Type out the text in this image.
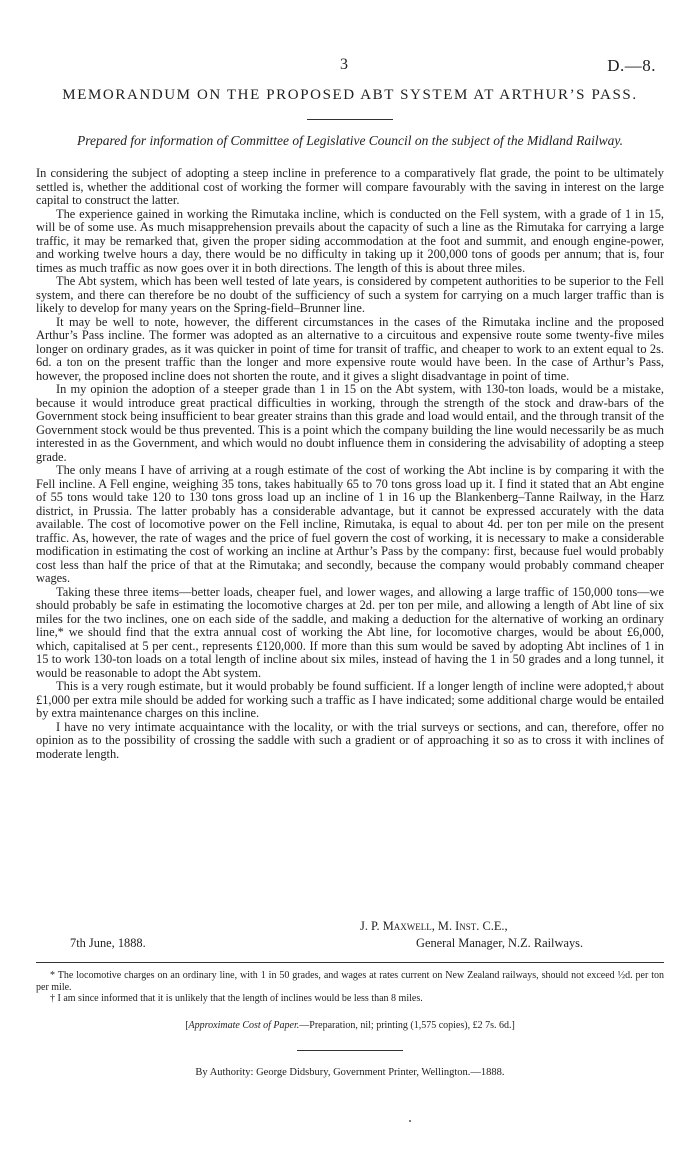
3	D.—8.
MEMORANDUM ON THE PROPOSED ABT SYSTEM AT ARTHUR’S PASS.
Prepared for information of Committee of Legislative Council on the subject of the Midland Railway.

In considering the subject of adopting a steep incline in preference to a comparatively flat grade, the point to be ultimately settled is, whether the additional cost of working the former will compare favourably with the saving in interest on the large capital to construct the latter.

The experience gained in working the Rimutaka incline, which is conducted on the Fell system, with a grade of 1 in 15, will be of some use. As much misapprehension prevails about the capacity of such a line as the Rimutaka for carrying a large traffic, it may be remarked that, given the proper siding accommodation at the foot and summit, and enough engine-power, and working twelve hours a day, there would be no difficulty in taking up it 200,000 tons of goods per annum; that is, four times as much traffic as now goes over it in both directions. The length of this is about three miles.

The Abt system, which has been well tested of late years, is considered by competent authorities to be superior to the Fell system, and there can therefore be no doubt of the sufficiency of such a system for carrying on a much larger traffic than is likely to develop for many years on the Spring-field–Brunner line.

It may be well to note, however, the different circumstances in the cases of the Rimutaka incline and the proposed Arthur’s Pass incline. The former was adopted as an alternative to a circuitous and expensive route some twenty-five miles longer on ordinary grades, as it was quicker in point of time for transit of traffic, and cheaper to work to an extent equal to 2s. 6d. a ton on the present traffic than the longer and more expensive route would have been. In the case of Arthur’s Pass, however, the proposed incline does not shorten the route, and it gives a slight disadvantage in point of time.

In my opinion the adoption of a steeper grade than 1 in 15 on the Abt system, with 130-ton loads, would be a mistake, because it would introduce great practical difficulties in working, through the strength of the stock and draw-bars of the Government stock being insufficient to bear greater strains than this grade and load would entail, and the through transit of the Government stock would be thus prevented. This is a point which the company building the line would necessarily be as much interested in as the Government, and which would no doubt influence them in considering the advisability of adopting a steep grade.

The only means I have of arriving at a rough estimate of the cost of working the Abt incline is by comparing it with the Fell incline. A Fell engine, weighing 35 tons, takes habitually 65 to 70 tons gross load up it. I find it stated that an Abt engine of 55 tons would take 120 to 130 tons gross load up an incline of 1 in 16 up the Blankenberg–Tanne Railway, in the Harz district, in Prussia. The latter probably has a considerable advantage, but it cannot be expressed accurately with the data available. The cost of locomotive power on the Fell incline, Rimutaka, is equal to about 4d. per ton per mile on the present traffic. As, however, the rate of wages and the price of fuel govern the cost of working, it is necessary to make a considerable modification in estimating the cost of working an incline at Arthur’s Pass by the company: first, because fuel would probably cost less than half the price of that at the Rimutaka; and secondly, because the company would probably command cheaper wages.

Taking these three items—better loads, cheaper fuel, and lower wages, and allowing a large traffic of 150,000 tons—we should probably be safe in estimating the locomotive charges at 2d. per ton per mile, and allowing a length of Abt line of six miles for the two inclines, one on each side of the saddle, and making a deduction for the alternative of working an ordinary line,* we should find that the extra annual cost of working the Abt line, for locomotive charges, would be about £6,000, which, capitalised at 5 per cent., represents £120,000. If more than this sum would be saved by adopting Abt inclines of 1 in 15 to work 130-ton loads on a total length of incline about six miles, instead of having the 1 in 50 grades and a long tunnel, it would be reasonable to adopt the Abt system.

This is a very rough estimate, but it would probably be found sufficient. If a longer length of incline were adopted,† about £1,000 per extra mile should be added for working such a traffic as I have indicated; some additional charge would be entailed by extra maintenance charges on this incline.

I have no very intimate acquaintance with the locality, or with the trial surveys or sections, and can, therefore, offer no opinion as to the possibility of crossing the saddle with such a gradient or of approaching it so as to cross it with inclines of moderate length.

J. P. Maxwell, M. Inst. C.E.,
7th June, 1888.	General Manager, N.Z. Railways.

* The locomotive charges on an ordinary line, with 1 in 50 grades, and wages at rates current on New Zealand railways, should not exceed ½d. per ton per mile.

† I am since informed that it is unlikely that the length of inclines would be less than 8 miles.

[Approximate Cost of Paper.—Preparation, nil; printing (1,575 copies), £2 7s. 6d.]
By Authority: George Didsbury, Government Printer, Wellington.—1888.
